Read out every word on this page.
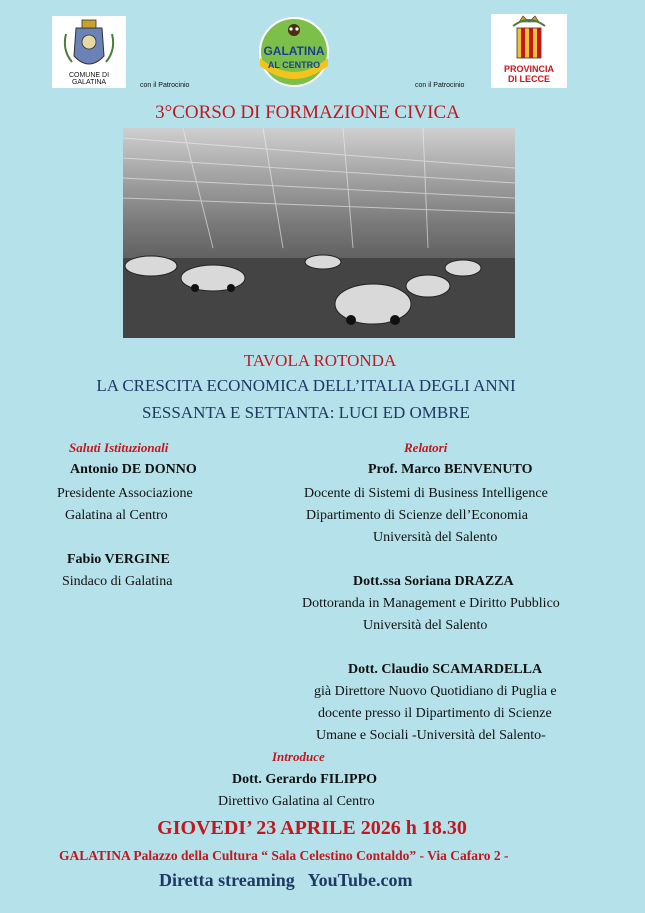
COMUNE DI GALATINA	con il Patrocinio
GALATINA
AL CENTRO
con il Patrocinio
PROVINCIA
DI LECCE
3°CORSO DI FORMAZIONE CIVICA
TAVOLA ROTONDA
LA CRESCITA ECONOMICA DELL’ITALIA DEGLI ANNI
SESSANTA E SETTANTA: LUCI ED OMBRE
Saluti Istituzionali
Antonio DE DONNO
Presidente Associazione
Galatina al Centro
Fabio VERGINE
Sindaco di Galatina
Relatori
Prof. Marco BENVENUTO
Docente di Sistemi di Business Intelligence
Dipartimento di Scienze dell’Economia
Università del Salento
Dott.ssa Soriana DRAZZA
Dottoranda in Management e Diritto Pubblico
Università del Salento
Dott. Claudio SCAMARDELLA
già Direttore Nuovo Quotidiano di Puglia e
docente presso il Dipartimento di Scienze
Umane e Sociali -Università del Salento-
Introduce
Dott. Gerardo FILIPPO
Direttivo Galatina al Centro
GIOVEDI’ 23 APRILE 2026 h 18.30
GALATINA Palazzo della Cultura “ Sala Celestino Contaldo” - Via Cafaro 2 -
Diretta streaming   YouTube.com
